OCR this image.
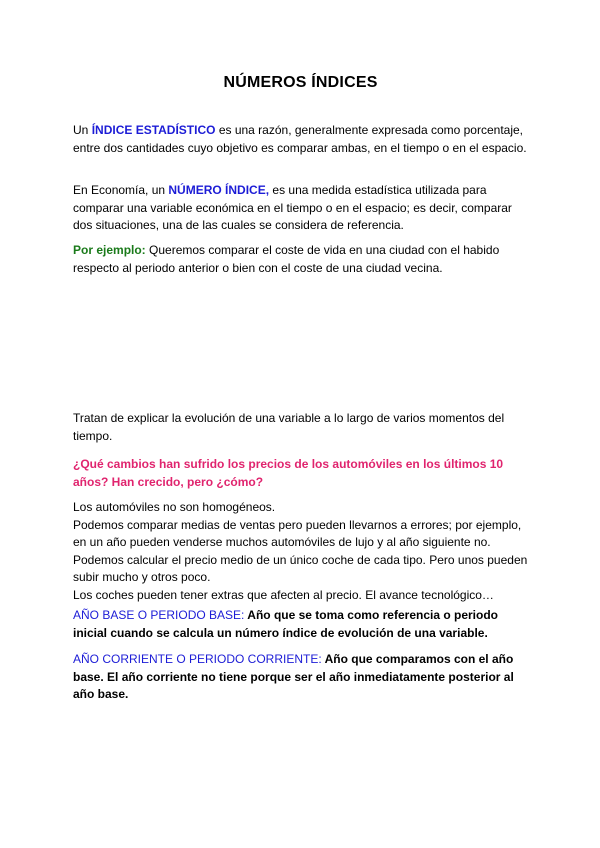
NÚMEROS ÍNDICES

Un ÍNDICE ESTADÍSTICO es una razón, generalmente expresada como porcentaje, entre dos cantidades cuyo objetivo es comparar ambas, en el tiempo o en el espacio.

En Economía, un NÚMERO ÍNDICE, es una medida estadística utilizada para comparar una variable económica en el tiempo o en el espacio; es decir, comparar dos situaciones, una de las cuales se considera de referencia.

Por ejemplo: Queremos comparar el coste de vida en una ciudad con el habido respecto al periodo anterior o bien con el coste de una ciudad vecina.

Tratan de explicar la evolución de una variable a lo largo de varios momentos del tiempo.

¿Qué cambios han sufrido los precios de los automóviles en los últimos 10 años? Han crecido, pero ¿cómo?

Los automóviles no son homogéneos.
Podemos comparar medias de ventas pero pueden llevarnos a errores; por ejemplo, en un año pueden venderse muchos automóviles de lujo y al año siguiente no.
Podemos calcular el precio medio de un único coche de cada tipo. Pero unos pueden subir mucho y otros poco.
Los coches pueden tener extras que afecten al precio. El avance tecnológico…

AÑO BASE O PERIODO BASE: Año que se toma como referencia o periodo inicial cuando se calcula un número índice de evolución de una variable.

AÑO CORRIENTE O PERIODO CORRIENTE: Año que comparamos con el año base. El año corriente no tiene porque ser el año inmediatamente posterior al año base.
